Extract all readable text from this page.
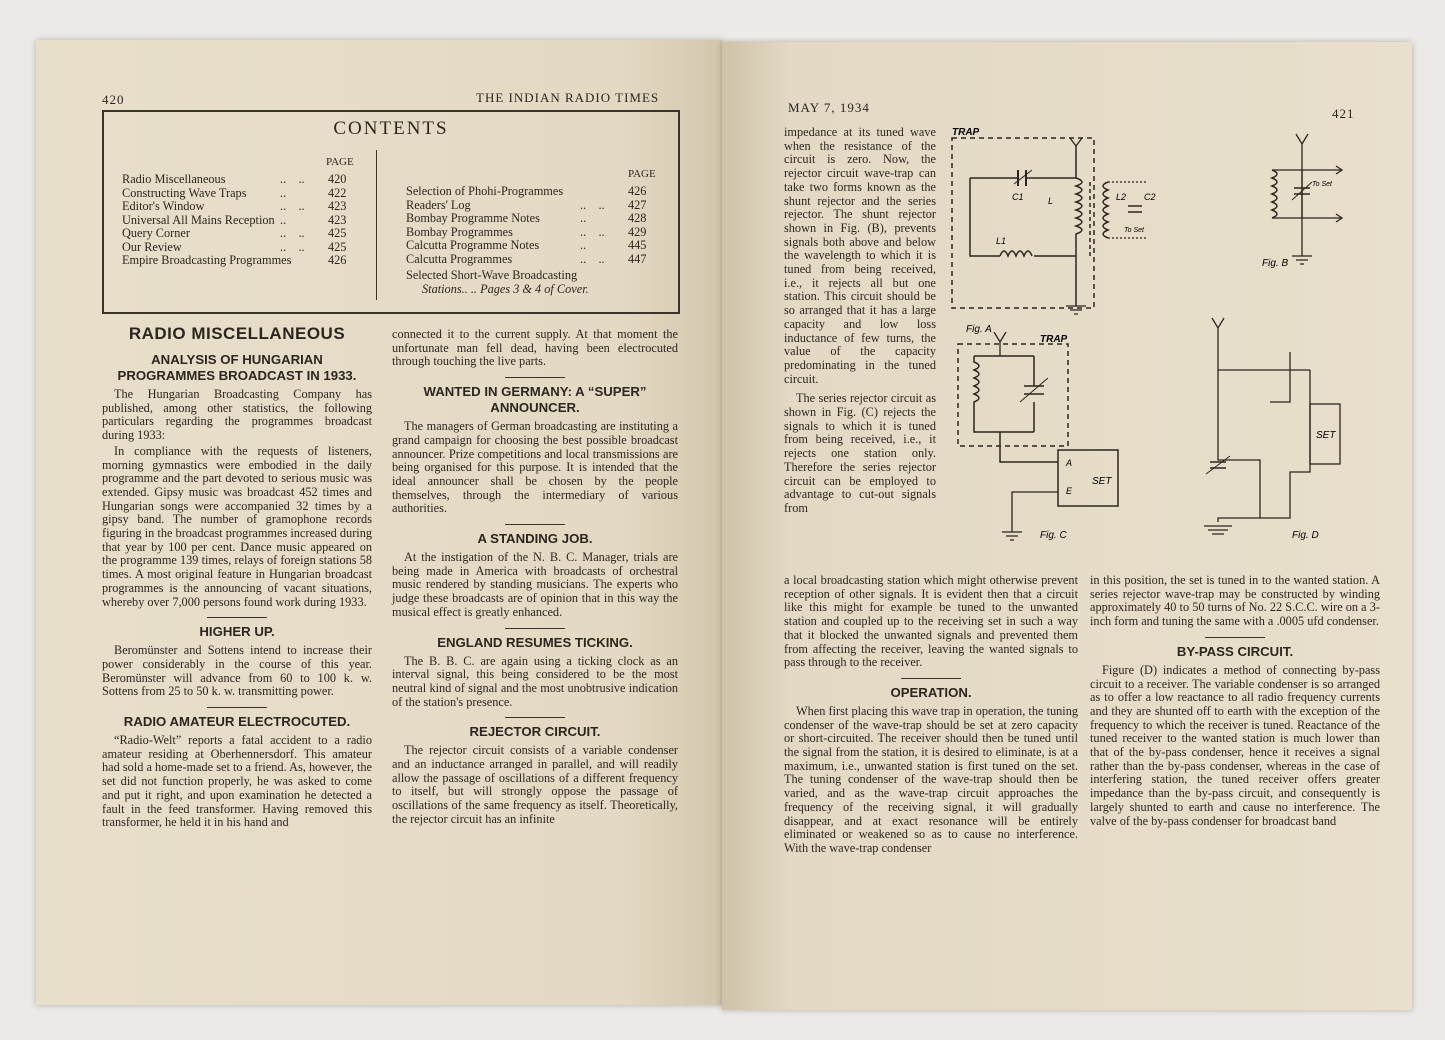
420	THE INDIAN RADIO TIMES
CONTENTS
PAGE
PAGE
Radio Miscellaneous	..    .. 420
Constructing Wave Traps	..	422
Editor's Window	..    .. 423
Universal All Mains Reception ..	423
Query Corner	..    .. 425
Our Review	..    .. 425
Empire Broadcasting Programmes	426
Selection of Phohi-Programmes	426
Readers' Log	..    .. 427
Bombay Programme Notes	..	428
Bombay Programmes	..    .. 429
Calcutta Programme Notes	..	445
Calcutta Programmes	..    .. 447
Selected Short-Wave Broadcasting
Stations.. .. Pages 3 & 4 of Cover.
RADIO MISCELLANEOUS
ANALYSIS OF HUNGARIAN PROGRAMMES BROADCAST IN 1933.

The Hungarian Broadcasting Company has published, among other statistics, the following particulars regarding the programmes broadcast during 1933:

In compliance with the requests of listeners, morning gymnastics were embodied in the daily programme and the part devoted to serious music was extended. Gipsy music was broadcast 452 times and Hungarian songs were accompanied 32 times by a gipsy band. The number of gramophone records figuring in the broadcast programmes increased during that year by 100 per cent. Dance music appeared on the programme 139 times, relays of foreign stations 58 times. A most original feature in Hungarian broadcast programmes is the announcing of vacant situations, whereby over 7,000 persons found work during 1933.

HIGHER UP.

Beromünster and Sottens intend to increase their power considerably in the course of this year. Beromünster will advance from 60 to 100 k. w. Sottens from 25 to 50 k. w. transmitting power.

RADIO AMATEUR ELECTROCUTED.

“Radio-Welt” reports a fatal accident to a radio amateur residing at Oberhennersdorf. This amateur had sold a home-made set to a friend. As, however, the set did not function properly, he was asked to come and put it right, and upon examination he detected a fault in the feed transformer. Having removed this transformer, he held it in his hand and

connected it to the current supply. At that moment the unfortunate man fell dead, having been electrocuted through touching the live parts.

WANTED IN GERMANY: A “SUPER” ANNOUNCER.

The managers of German broadcasting are instituting a grand campaign for choosing the best possible broadcast announcer. Prize competitions and local transmissions are being organised for this purpose. It is intended that the ideal announcer shall be chosen by the people themselves, through the intermediary of various authorities.

A STANDING JOB.

At the instigation of the N. B. C. Manager, trials are being made in America with broadcasts of orchestral music rendered by standing musicians. The experts who judge these broadcasts are of opinion that in this way the musical effect is greatly enhanced.

ENGLAND RESUMES TICKING.

The B. B. C. are again using a ticking clock as an interval signal, this being considered to be the most neutral kind of signal and the most unobtrusive indication of the station's presence.

REJECTOR CIRCUIT.

The rejector circuit consists of a variable condenser and an inductance arranged in parallel, and will readily allow the passage of oscillations of a different frequency to itself, but will strongly oppose the passage of oscillations of the same frequency as itself. Theoretically, the rejector circuit has an infinite

MAY 7, 1934	421

impedance at its tuned wave when the resistance of the circuit is zero. Now, the rejector circuit wave-trap can take two forms known as the shunt rejector and the series rejector. The shunt rejector shown in Fig. (B), prevents signals both above and below the wavelength to which it is tuned from being received, i.e., it rejects all but one station. This circuit should be so arranged that it has a large capacity and low loss inductance of few turns, the value of the capacity predominating in the tuned circuit.

The series rejector circuit as shown in Fig. (C) rejects the signals to which it is tuned from being received, i.e., it rejects one station only. Therefore the series rejector circuit can be employed to advantage to cut-out signals from

a local broadcasting station which might otherwise prevent reception of other signals. It is evident then that a circuit like this might for example be tuned to the unwanted station and coupled up to the receiving set in such a way that it blocked the unwanted signals and prevented them from affecting the receiver, leaving the wanted signals to pass through to the receiver.

OPERATION.

When first placing this wave trap in operation, the tuning condenser of the wave-trap should be set at zero capacity or short-circuited. The receiver should then be tuned until the signal from the station, it is desired to eliminate, is at a maximum, i.e., unwanted station is first tuned on the set. The tuning condenser of the wave-trap should then be varied, and as the wave-trap circuit approaches the frequency of the receiving signal, it will gradually disappear, and at exact resonance will be entirely eliminated or weakened so as to cause no interference. With the wave-trap condenser

in this position, the set is tuned in to the wanted station. A series rejector wave-trap may be constructed by winding approximately 40 to 50 turns of No. 22 S.C.C. wire on a 3-inch form and tuning the same with a .0005 ufd condenser.

BY-PASS CIRCUIT.

Figure (D) indicates a method of connecting by-pass circuit to a receiver. The variable condenser is so arranged as to offer a low reactance to all radio frequency currents and they are shunted off to earth with the exception of the frequency to which the receiver is tuned. Reactance of the tuned receiver to the wanted station is much lower than that of the by-pass condenser, hence it receives a signal rather than the by-pass condenser, whereas in the case of interfering station, the tuned receiver offers greater impedance than the by-pass circuit, and consequently is largely shunted to earth and cause no interference. The valve of the by-pass condenser for broadcast band

TRAP
Fig. A
C1	L
L1
L2 C2
To Set
To Set
Fig. B
TRAP
A
E
SET
Fig. C
SET
Fig. D
